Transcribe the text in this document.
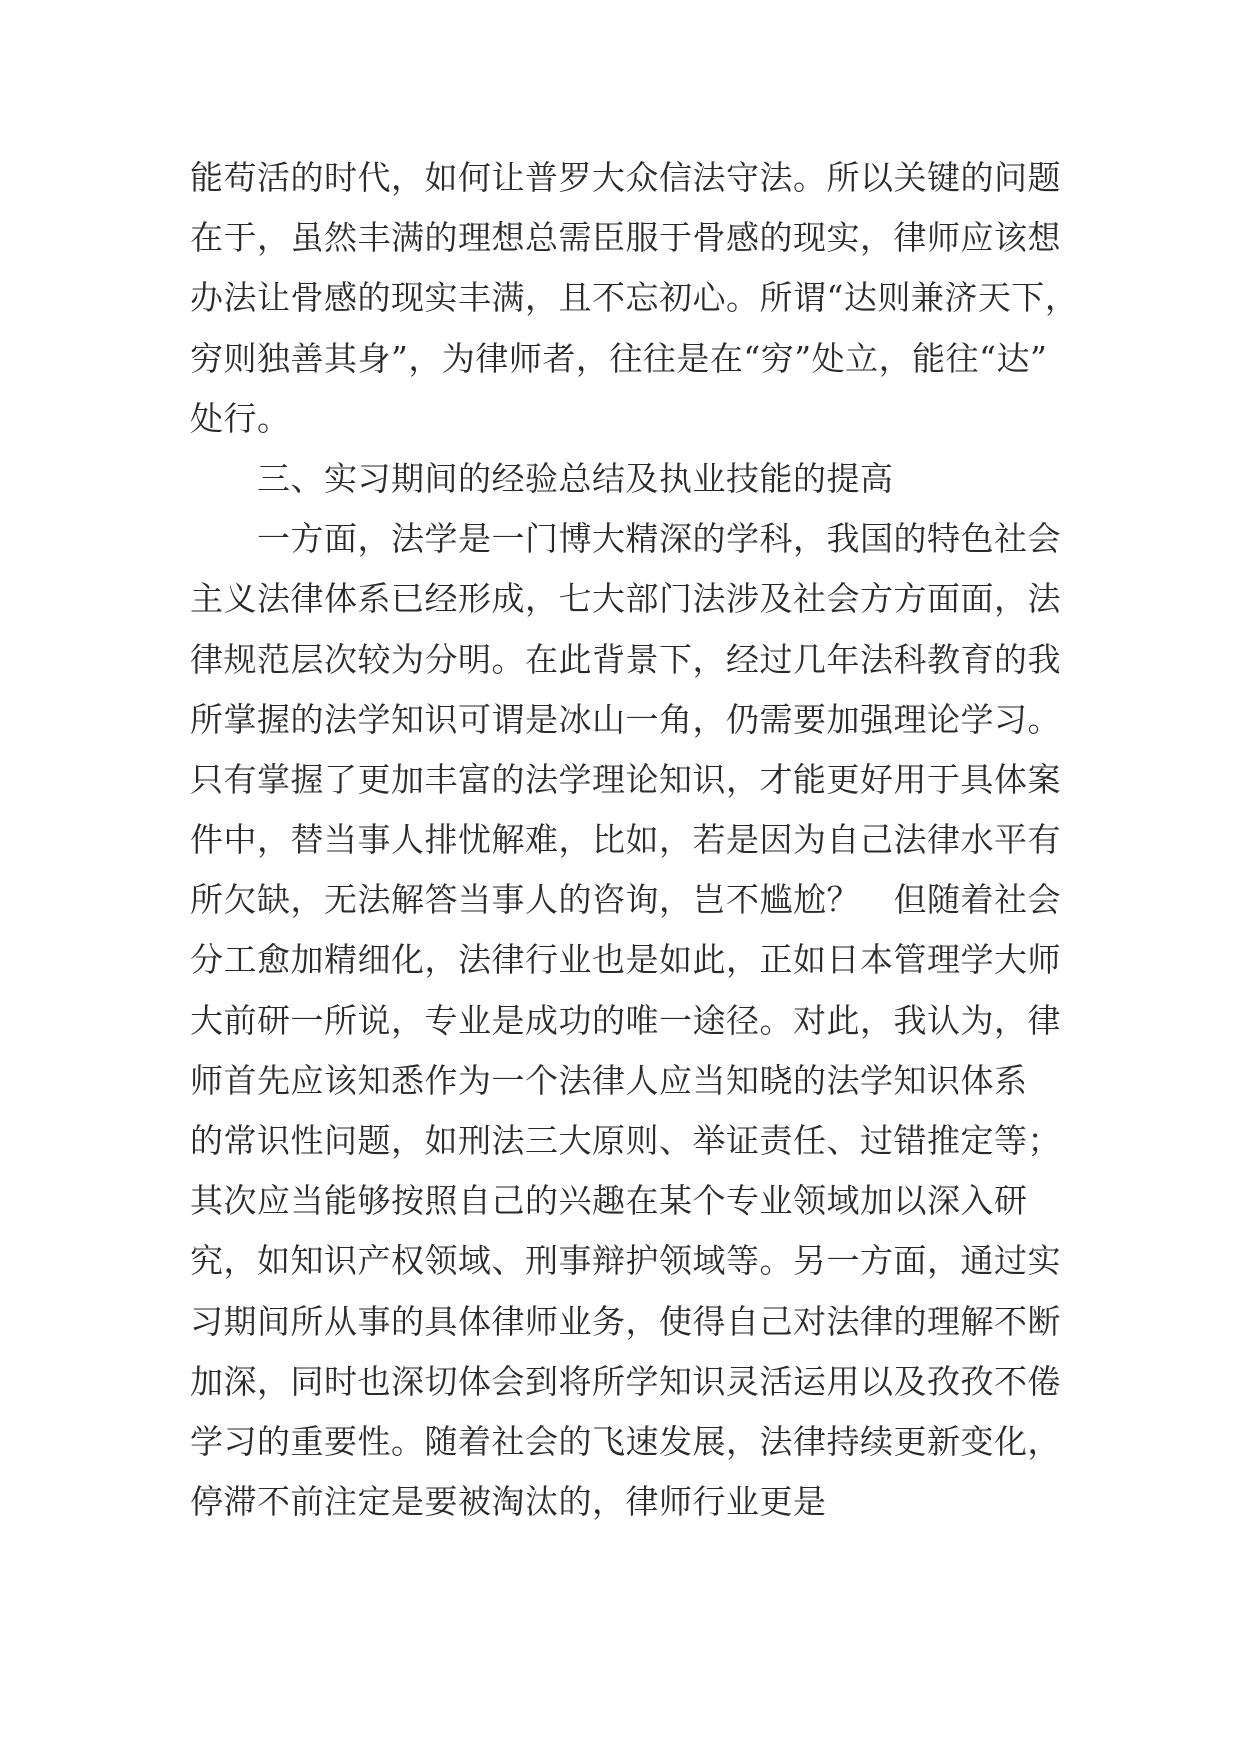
能苟活的时代，如何让普罗大众信法守法。所以关键的问题
在于，虽然丰满的理想总需臣服于骨感的现实，律师应该想
办法让骨感的现实丰满，且不忘初心。所谓“达则兼济天下，
穷则独善其身”，为律师者，往往是在“穷”处立，能往“达”
处行。
　　三、实习期间的经验总结及执业技能的提高
　　一方面，法学是一门博大精深的学科，我国的特色社会
主义法律体系已经形成，七大部门法涉及社会方方面面，法
律规范层次较为分明。在此背景下，经过几年法科教育的我
所掌握的法学知识可谓是冰山一角，仍需要加强理论学习。
只有掌握了更加丰富的法学理论知识，才能更好用于具体案
件中，替当事人排忧解难，比如，若是因为自己法律水平有
所欠缺，无法解答当事人的咨询，岂不尴尬？　但随着社会
分工愈加精细化，法律行业也是如此，正如日本管理学大师
大前研一所说，专业是成功的唯一途径。对此，我认为，律
师首先应该知悉作为一个法律人应当知晓的法学知识体系
的常识性问题，如刑法三大原则、举证责任、过错推定等；
其次应当能够按照自己的兴趣在某个专业领域加以深入研
究，如知识产权领域、刑事辩护领域等。另一方面，通过实
习期间所从事的具体律师业务，使得自己对法律的理解不断
加深，同时也深切体会到将所学知识灵活运用以及孜孜不倦
学习的重要性。随着社会的飞速发展，法律持续更新变化，
停滞不前注定是要被淘汰的，律师行业更是
